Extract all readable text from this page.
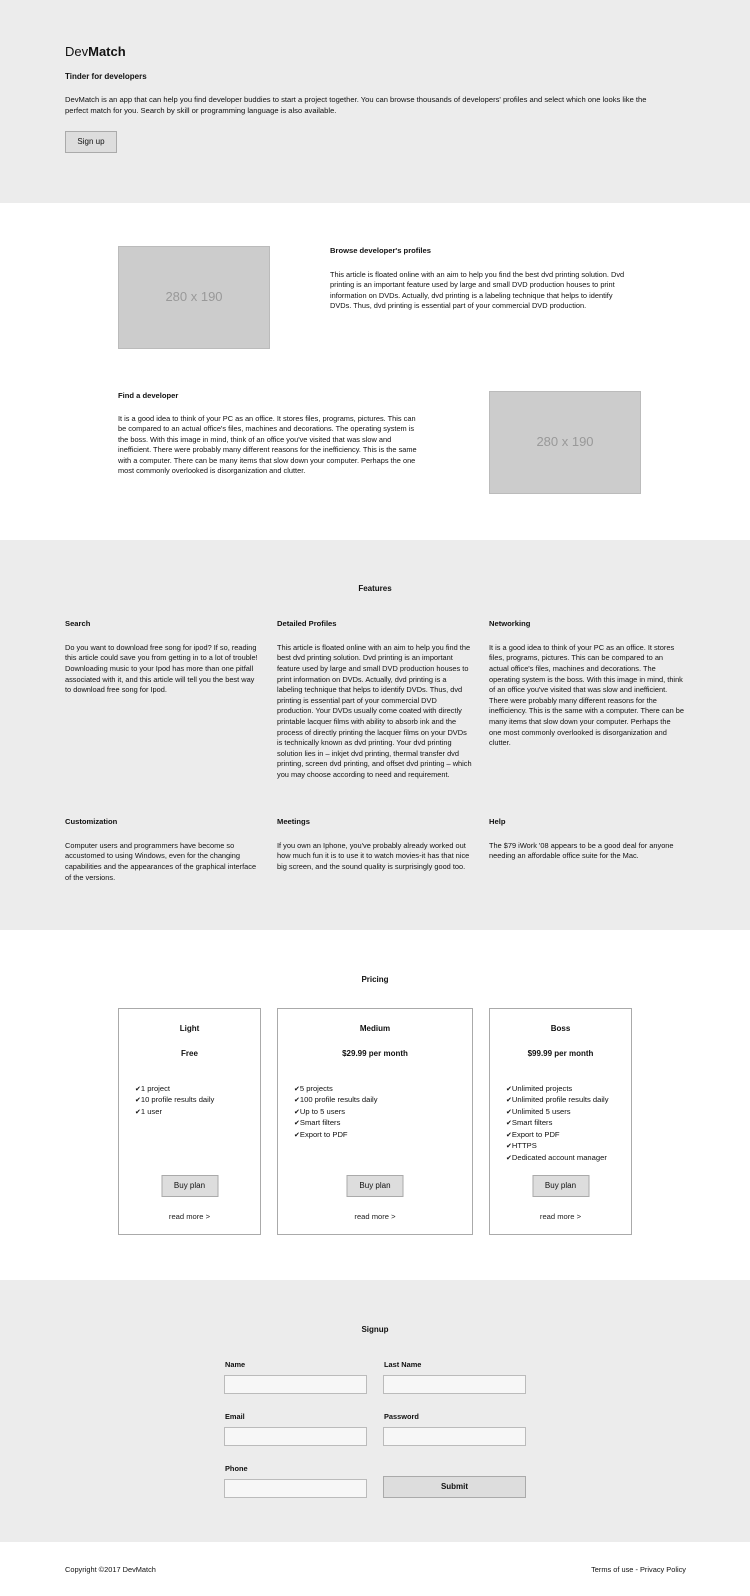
DevMatch
Tinder for developers

DevMatch is an app that can help you find developer buddies to start a project together. You can browse thousands of developers' profiles and select which one looks like the perfect match for you. Search by skill or programming language is also available.

Sign up
280 x 190
Browse developer's profiles

This article is floated online with an aim to help you find the best dvd printing solution. Dvd printing is an important feature used by large and small DVD production houses to print information on DVDs. Actually, dvd printing is a labeling technique that helps to identify DVDs. Thus, dvd printing is essential part of your commercial DVD production.

Find a developer

It is a good idea to think of your PC as an office. It stores files, programs, pictures. This can be compared to an actual office's files, machines and decorations. The operating system is the boss. With this image in mind, think of an office you've visited that was slow and inefficient. There were probably many different reasons for the inefficiency. This is the same with a computer. There can be many items that slow down your computer. Perhaps the one most commonly overlooked is disorganization and clutter.

280 x 190
Features
Search

Do you want to download free song for ipod? If so, reading this article could save you from getting in to a lot of trouble! Downloading music to your Ipod has more than one pitfall associated with it, and this article will tell you the best way to download free song for Ipod.

Detailed Profiles

This article is floated online with an aim to help you find the best dvd printing solution. Dvd printing is an important feature used by large and small DVD production houses to print information on DVDs. Actually, dvd printing is a labeling technique that helps to identify DVDs. Thus, dvd printing is essential part of your commercial DVD production. Your DVDs usually come coated with directly printable lacquer films with ability to absorb ink and the process of directly printing the lacquer films on your DVDs is technically known as dvd printing. Your dvd printing solution lies in – inkjet dvd printing, thermal transfer dvd printing, screen dvd printing, and offset dvd printing – which you may choose according to need and requirement.

Networking

It is a good idea to think of your PC as an office. It stores files, programs, pictures. This can be compared to an actual office's files, machines and decorations. The operating system is the boss. With this image in mind, think of an office you've visited that was slow and inefficient. There were probably many different reasons for the inefficiency. This is the same with a computer. There can be many items that slow down your computer. Perhaps the one most commonly overlooked is disorganization and clutter.

Customization

Computer users and programmers have become so accustomed to using Windows, even for the changing capabilities and the appearances of the graphical interface of the versions.

Meetings

If you own an Iphone, you've probably already worked out how much fun it is to use it to watch movies-it has that nice big screen, and the sound quality is surprisingly good too.

Help

The $79 iWork '08 appears to be a good deal for anyone needing an affordable office suite for the Mac.

Pricing
Light
Free
✔ 1 project
✔ 10 profile results daily
✔ 1 user
Buy plan
read more >
Medium
$29.99 per month
✔ 5 projects
✔ 100 profile results daily
✔ Up to 5 users
✔ Smart filters
✔ Export to PDF
Buy plan
read more >
Boss
$99.99 per month
✔ Unlimited projects
✔ Unlimited profile results daily
✔ Unlimited 5 users
✔ Smart filters
✔ Export to PDF
✔ HTTPS
✔ Dedicated account manager
Buy plan
read more >
Signup
Name	Last Name
Email	Password
Phone
Submit
Copyright ©2017 DevMatch	Terms of use - Privacy Policy
